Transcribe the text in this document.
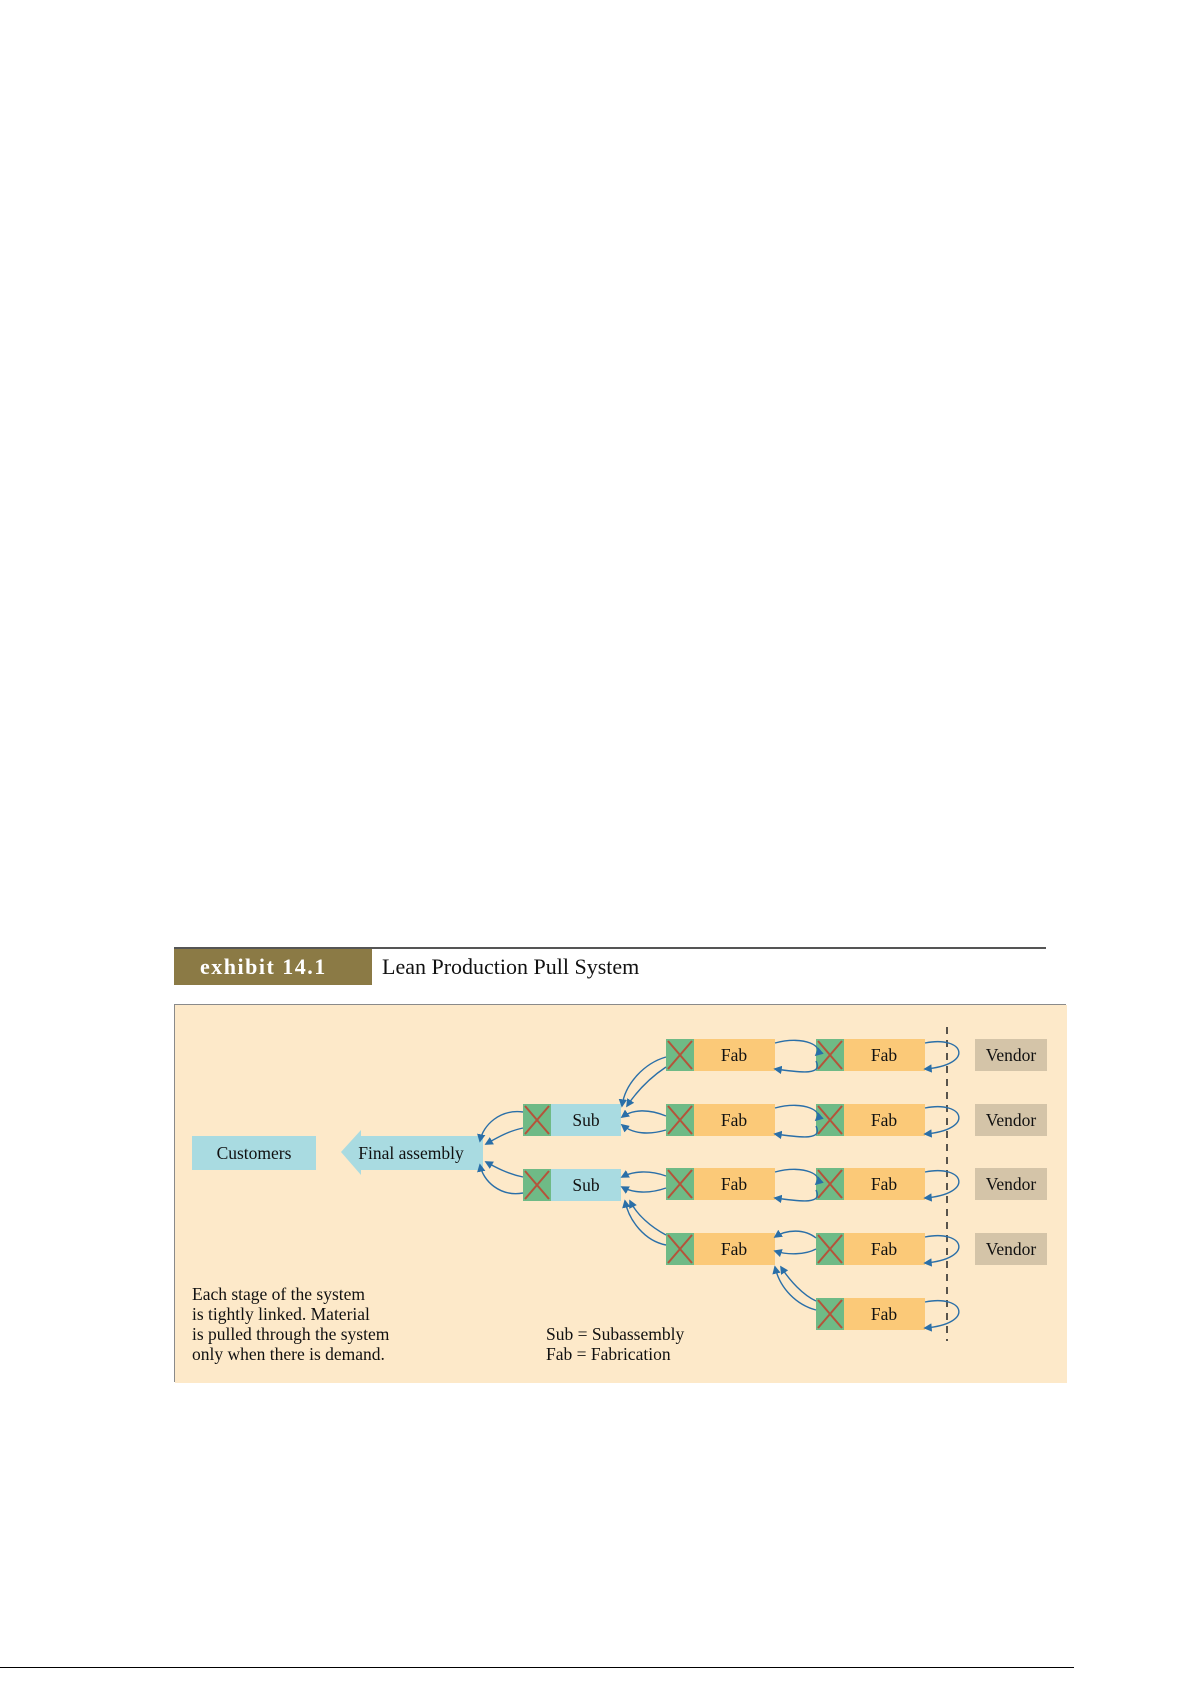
exhibit 14.1	Lean Production Pull System
Customers	Final assembly
Sub
Sub
Fab
Fab
Fab
Fab
Fab
Fab
Fab
Fab
Fab
Vendor
Vendor
Vendor
Vendor
Each stage of the system
is tightly linked. Material
is pulled through the system
only when there is demand.
Sub = Subassembly
Fab = Fabrication
